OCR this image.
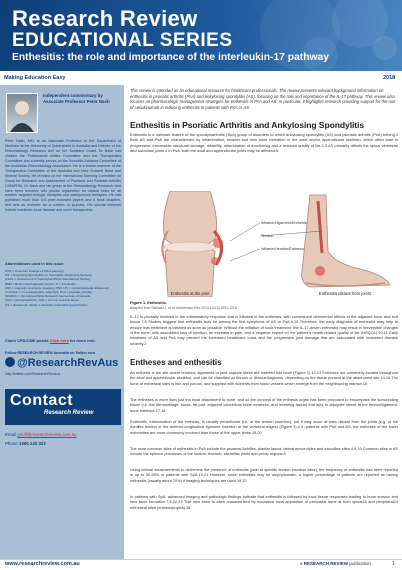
Research Review
EDUCATIONAL SERIES
Enthesitis: the role and importance of the interleukin-17 pathway
Making Education Easy	2018
Independent commentary by Associate Professor Peter Nash
Peter Nash, MD, is an Associate Professor in the Department of Medicine at the University of Queensland in Australia and Director of the Rheumatology Research Unit on the Sunshine Coast. Dr Nash has chaired the Professional Affairs Committee and the Therapeutics Committee and currently serves on the Scientific Advisory Committee of the Australian Rheumatology Association. He is a former member of the Therapeutics Committee of the Australia and New Zealand Bone and Mineral Society. He remains on the International Steering Committee for Group for Research and Assessment of Psoriasis and Psoriatic Arthritis (GRAPPA). Dr Nash and his group at the Rheumatology Research Unit have been involved with pivotal registration for clinical trials for all modern targeted biologic therapies and osteoporosis therapies. He has published more than 100 peer-reviewed papers and 5 book chapters, and acts as reviewer for a number of journals. His special interests include metabolic bone disease and novel therapeutics.
Abbreviations used in this issue:
ACR = American College of Rheumatology;
AS = Ankylosing Spondylitis (or Spondylitis Ankylosing Society);
ASAS = Assessment of SpondyloArthritis International Society;
BMP = Bone morphogenetic protein; IL = interleukin;
MRI = magnetic resonance imaging; MSK-US = musculoskeletal ultrasound;
nr-axSpA = non-radiographic axial SpA; PsA = psoriatic arthritis;
SPARCC = Spondyloarthritis Research Consortium of Canada;
SpA = spondyloarthritis; TNF = tumour necrosis factor;
US = ultrasound; VEGF = vascular endothelial growth factor.
Claim CPD/CME points Click here for more info.
Follow RESEARCH REVIEW Australia on Twitter now
@ResearchRevAus
http://twitter.com/ResearchRevAus
Contact
Research Review
Email geoff@researchreview.com.au
Phone 1300 132 322
This review is intended as an educational resource for healthcare professionals. The review presents relevant background information on enthesitis in psoriatic arthritis (PsA) and ankylosing spondylitis (AS), focusing on the role and importance of the IL-17 pathway. This review also focuses on pharmacologic management strategies for enthesitis in PsA and AS. In particular, it highlights research providing support for the use of secukinumab in reducing enthesitis in patients with PsA or AS.
Enthesitis in Psoriatic Arthritis and Ankylosing Spondylitis
Enthesitis is a hallmark feature of the spondyloarthritis (SpA) group of disorders to which ankylosing spondylitis (AS) and psoriatic arthritis (PsA) belong.1 Both AS and PsA are characterised by inflammation, erosion and new bone formation in the axial and/or appendicular skeleton, which often lead to progressive, irreversible structural damage, disability, deterioration of functioning and a reduced quality of life.2,3 AS primarily affects the spinal vertebrae and sacroiliac joints.4 In PsA, both the axial and appendicular joints may be affected.5
Inflamed ligament/Enthesis
Tendon
Inflamed tendon/Enthesis
Enthesitis at the joint	Enthesitis distant from joints
Figure 1. Enthesitis.
Adapted from Sakkas LI, et al. Autoimmun Rev 2013;12(12):1201-1214.
IL-17 is pivotally involved in the inflammatory response that is initiated in the entheses, with consequent detrimental effects in the adjacent bone and soft tissue.7,8 Studies suggest that enthesitis may be among the first symptoms of AS or PsA.9,10 Therefore, the early diagnosis of enthesitis may help to ensure that treatment is initiated as soon as possible. Without the initiation of such treatment, the IL-17-driven enthesitis may result in irreversible changes in the bone, with associated loss of function, an increase in pain, and a negative impact on the patient's health-related quality of life (HRQOL).10,11 Early treatment of AS and PsA may prevent the increased healthcare costs and the progressive joint damage that are associated with increased disease severity.2
Entheses and enthesitis
An enthesis is the site where tendons, ligaments or joint capsule fibres are inserted into bone (Figure 1).12,13 Entheses are commonly located throughout the axial and appendicular skeleton, and can be classified as fibrous or fibrocartilaginous, depending on the tissue present at the attachment site.14,15 The bone at entheseal sites is thin and porous, and supplied with nutrients from blood vessels which emerge from the neighbouring marrow.16
The entheses is more than just the focal attachment to bone, and so the concept of the enthesis organ has been proposed to encompass the surrounding tissue (i.e. the fibrocartilage, bursa, fat pad, adjacent cancellous bone networks, and investing fascia) that acts to dissipate stress at the tendon/ligament-bone interface.17,18
Enthesitis, inflammation of the enthesis, is usually periarticular (i.e. at the tendon insertion), but it may occur at sites distant from the joints (e.g. at the Achilles tendon or the anterior longitudinal ligament insertion at the vertebral edges) (Figure 1).4 In patients with PsA and AS, the entheses of the lower extremities are more commonly involved than those of the upper limbs.19,20
The most common sites of enthesitis in PsA include the proximal Achilles, plantar fascia, lateral epicondyles and sacroiliac sites.4,9,19 Common sites in AS include the spinous processes of the lumbar, thoracic, sacroiliac joints and pelvic regions.4
Using clinical measurements to determine the presence of enthesitis (pain at specific tendon insertion sites), the frequency of enthesitis has been reported in up to 30-50% of patients with SpA.19,21 However, since enthesitis may be asymptomatic, a higher percentage of patients are reported as having enthesitis (usually about 70%) if imaging techniques are used.19,22
In patients with SpA, advanced imaging and pathologic findings indicate that enthesitis is followed by local tissue responses leading to bone erosion and new bone formation.7,8,22,23 This new bone is often characterised by excessive local apposition of periosteal bone at both spinal23 and peripheral24 entheseal sites (enthesophytes).18
www.researchreview.com.au	a RESEARCH REVIEW publication	1
